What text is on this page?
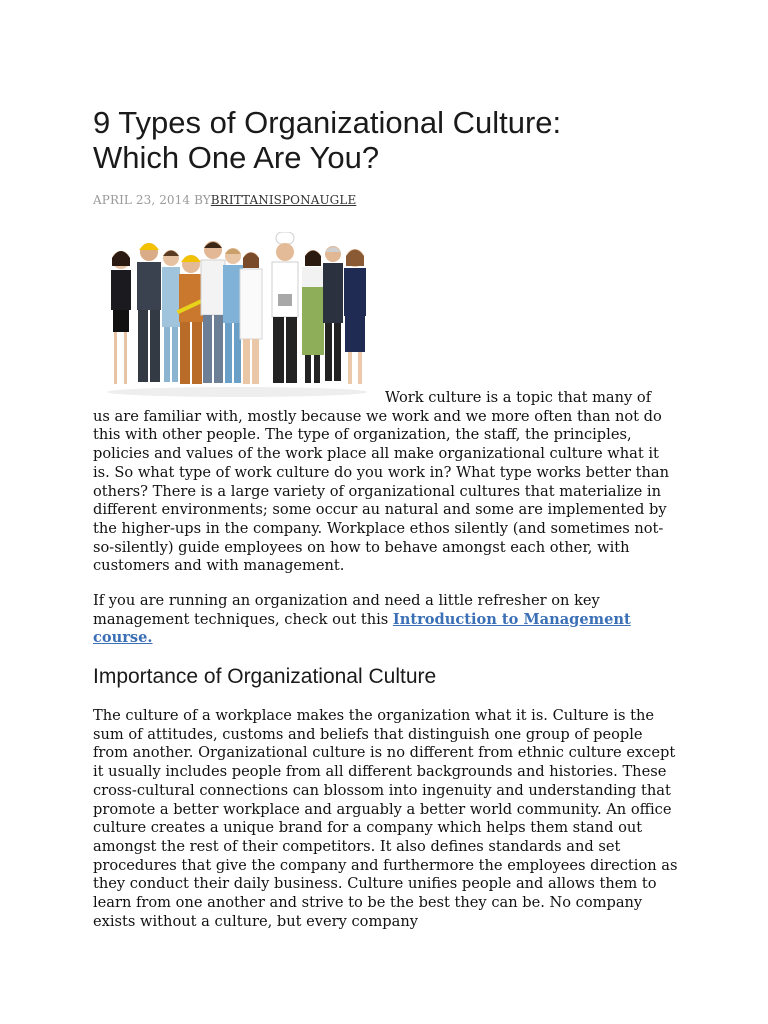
9 Types of Organizational Culture:
Which One Are You?
APRIL 23, 2014 BYBRITTANISPONAUGLE
Work culture is a topic that many of
us are familiar with, mostly because we work and we more often than not do this with other people. The type of organization, the staff, the principles, policies and values of the work place all make organizational culture what it is. So what type of work culture do you work in? What type works better than others? There is a large variety of organizational cultures that materialize in different environments; some occur au natural and some are implemented by the higher-ups in the company. Workplace ethos silently (and sometimes not-so-silently) guide employees on how to behave amongst each other, with customers and with management.
If you are running an organization and need a little refresher on key management techniques, check out this Introduction to Management course.
Importance of Organizational Culture
The culture of a workplace makes the organization what it is. Culture is the sum of attitudes, customs and beliefs that distinguish one group of people from another. Organizational culture is no different from ethnic culture except it usually includes people from all different backgrounds and histories. These cross-cultural connections can blossom into ingenuity and understanding that promote a better workplace and arguably a better world community. An office culture creates a unique brand for a company which helps them stand out amongst the rest of their competitors. It also defines standards and set procedures that give the company and furthermore the employees direction as they conduct their daily business. Culture unifies people and allows them to learn from one another and strive to be the best they can be. No company exists without a culture, but every company
